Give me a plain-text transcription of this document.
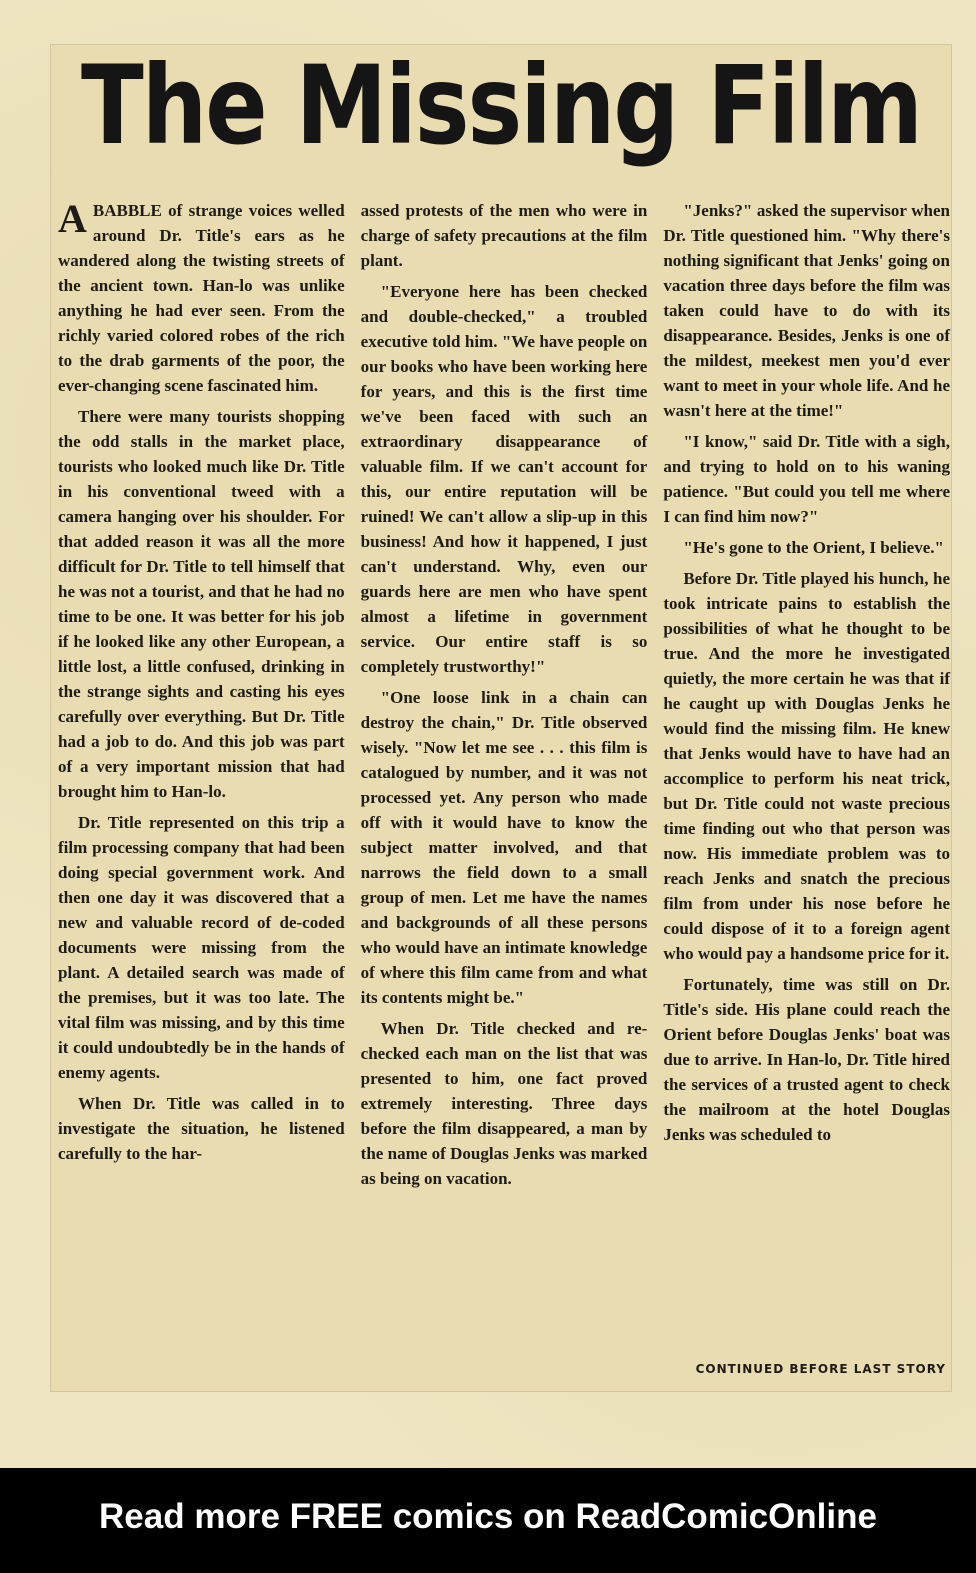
The Missing Film

A BABBLE of strange voices welled around Dr. Title's ears as he wandered along the twisting streets of the ancient town. Han-lo was unlike anything he had ever seen. From the richly varied colored robes of the rich to the drab garments of the poor, the ever-changing scene fascinated him.

There were many tourists shopping the odd stalls in the market place, tourists who looked much like Dr. Title in his conventional tweed with a camera hanging over his shoulder. For that added reason it was all the more difficult for Dr. Title to tell himself that he was not a tourist, and that he had no time to be one. It was better for his job if he looked like any other European, a little lost, a little confused, drinking in the strange sights and casting his eyes carefully over everything. But Dr. Title had a job to do. And this job was part of a very important mission that had brought him to Han-lo.

Dr. Title represented on this trip a film processing company that had been doing special government work. And then one day it was discovered that a new and valuable record of de-coded documents were missing from the plant. A detailed search was made of the premises, but it was too late. The vital film was missing, and by this time it could undoubtedly be in the hands of enemy agents.

When Dr. Title was called in to investigate the situation, he listened carefully to the har-

assed protests of the men who were in charge of safety precautions at the film plant.

"Everyone here has been checked and double-checked," a troubled executive told him. "We have people on our books who have been working here for years, and this is the first time we've been faced with such an extraordinary disappearance of valuable film. If we can't account for this, our entire reputation will be ruined! We can't allow a slip-up in this business! And how it happened, I just can't understand. Why, even our guards here are men who have spent almost a lifetime in government service. Our entire staff is so completely trustworthy!"

"One loose link in a chain can destroy the chain," Dr. Title observed wisely. "Now let me see . . . this film is catalogued by number, and it was not processed yet. Any person who made off with it would have to know the subject matter involved, and that narrows the field down to a small group of men. Let me have the names and backgrounds of all these persons who would have an intimate knowledge of where this film came from and what its contents might be."

When Dr. Title checked and re-checked each man on the list that was presented to him, one fact proved extremely interesting. Three days before the film disappeared, a man by the name of Douglas Jenks was marked as being on vacation.

"Jenks?" asked the supervisor when Dr. Title questioned him. "Why there's nothing significant that Jenks' going on vacation three days before the film was taken could have to do with its disappearance. Besides, Jenks is one of the mildest, meekest men you'd ever want to meet in your whole life. And he wasn't here at the time!"

"I know," said Dr. Title with a sigh, and trying to hold on to his waning patience. "But could you tell me where I can find him now?"

"He's gone to the Orient, I believe."

Before Dr. Title played his hunch, he took intricate pains to establish the possibilities of what he thought to be true. And the more he investigated quietly, the more certain he was that if he caught up with Douglas Jenks he would find the missing film. He knew that Jenks would have to have had an accomplice to perform his neat trick, but Dr. Title could not waste precious time finding out who that person was now. His immediate problem was to reach Jenks and snatch the precious film from under his nose before he could dispose of it to a foreign agent who would pay a handsome price for it.

Fortunately, time was still on Dr. Title's side. His plane could reach the Orient before Douglas Jenks' boat was due to arrive. In Han-lo, Dr. Title hired the services of a trusted agent to check the mailroom at the hotel Douglas Jenks was scheduled to

CONTINUED BEFORE LAST STORY
Read more FREE comics on ReadComicOnline
